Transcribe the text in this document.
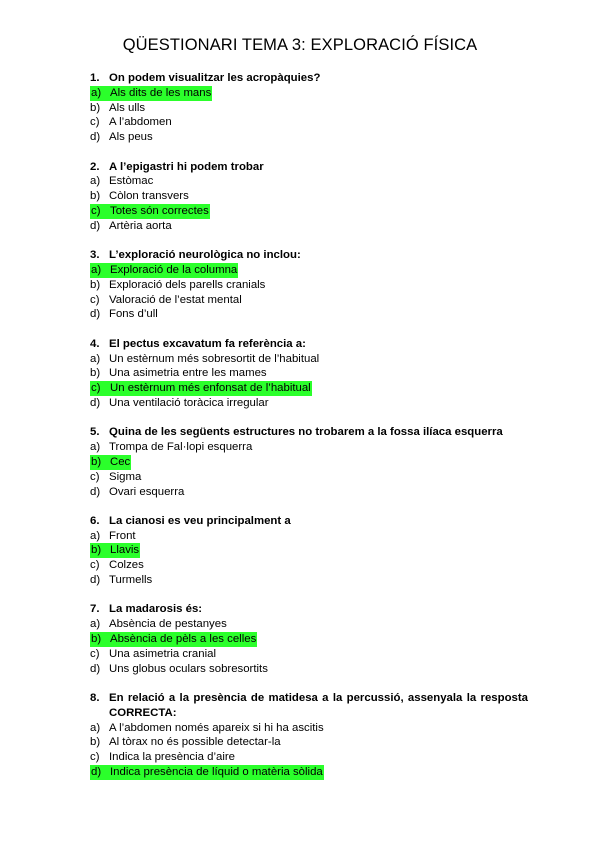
QÜESTIONARI TEMA 3: EXPLORACIÓ FÍSICA
1. On podem visualitzar les acropàquies?
a) Als dits de les mans
b) Als ulls
c) A l’abdomen
d) Als peus
2. A l’epigastri hi podem trobar
a) Estòmac
b) Còlon transvers
c) Totes són correctes
d) Artèria aorta
3. L’exploració neurològica no inclou:
a) Exploració de la columna
b) Exploració dels parells cranials
c) Valoració de l’estat mental
d) Fons d’ull
4. El pectus excavatum fa referència a:
a) Un estèrnum més sobresortit de l’habitual
b) Una asimetria entre les mames
c) Un estèrnum més enfonsat de l’habitual
d) Una ventilació toràcica irregular
5. Quina de les següents estructures no trobarem a la fossa ilíaca esquerra
a) Trompa de Fal·lopi esquerra
b) Cec
c) Sigma
d) Ovari esquerra
6. La cianosi es veu principalment a
a) Front
b) Llavis
c) Colzes
d) Turmells
7. La madarosis és:
a) Absència de pestanyes
b) Absència de pèls a les celles
c) Una asimetria cranial
d) Uns globus oculars sobresortits
8. En relació a la presència de matidesa a la percussió, assenyala la resposta
CORRECTA:
a) A l’abdomen només apareix si hi ha ascitis
b) Al tòrax no és possible detectar-la
c) Indica la presència d’aire
d) Indica presència de líquid o matèria sòlida
